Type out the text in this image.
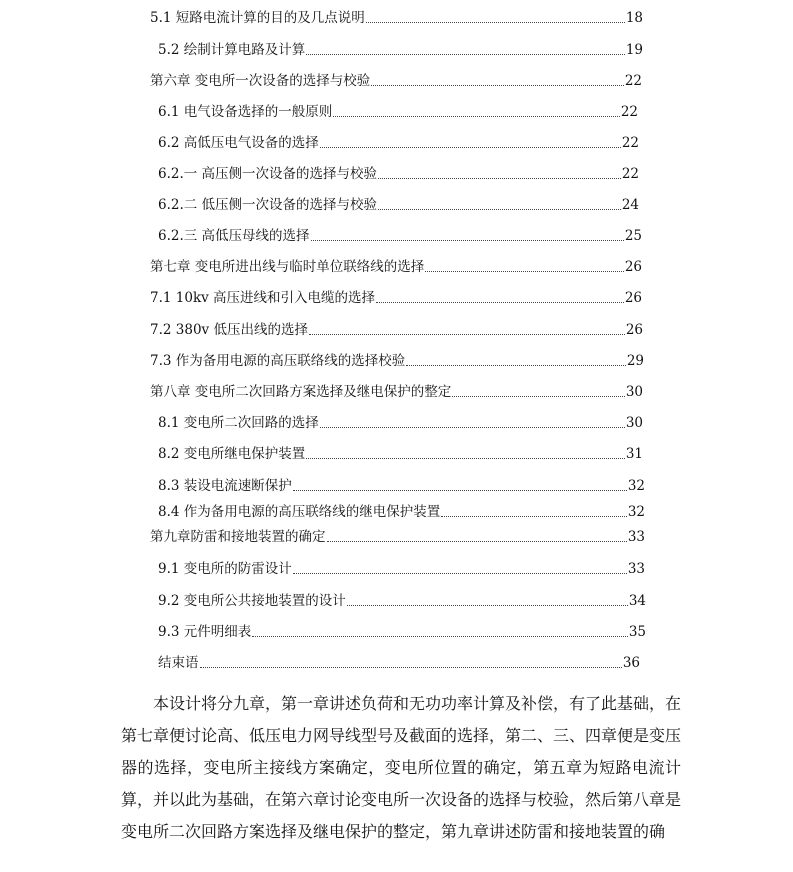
5.1 短路电流计算的目的及几点说明	18
5.2 绘制计算电路及计算	19
第六章 变电所一次设备的选择与校验	22
6.1 电气设备选择的一般原则	22
6.2 高低压电气设备的选择	22
6.2.一 高压侧一次设备的选择与校验	22
6.2.二 低压侧一次设备的选择与校验	24
6.2.三 高低压母线的选择	25
第七章 变电所进出线与临时单位联络线的选择	26
7.1 10kv 高压进线和引入电缆的选择	26
7.2 380v 低压出线的选择	26
7.3 作为备用电源的高压联络线的选择校验	29
第八章 变电所二次回路方案选择及继电保护的整定	30
8.1 变电所二次回路的选择	30
8.2 变电所继电保护装置	31
8.3 装设电流速断保护	32
8.4 作为备用电源的高压联络线的继电保护装置	32
第九章防雷和接地装置的确定	33
9.1 变电所的防雷设计	33
9.2 变电所公共接地装置的设计	34
9.3 元件明细表	35
结束语	36

本设计将分九章，第一章讲述负荷和无功功率计算及补偿，有了此基础，在第七章便讨论高、低压电力网导线型号及截面的选择，第二、三、四章便是变压器的选择，变电所主接线方案确定，变电所位置的确定，第五章为短路电流计算，并以此为基础，在第六章讨论变电所一次设备的选择与校验，然后第八章是变电所二次回路方案选择及继电保护的整定，第九章讲述防雷和接地装置的确
